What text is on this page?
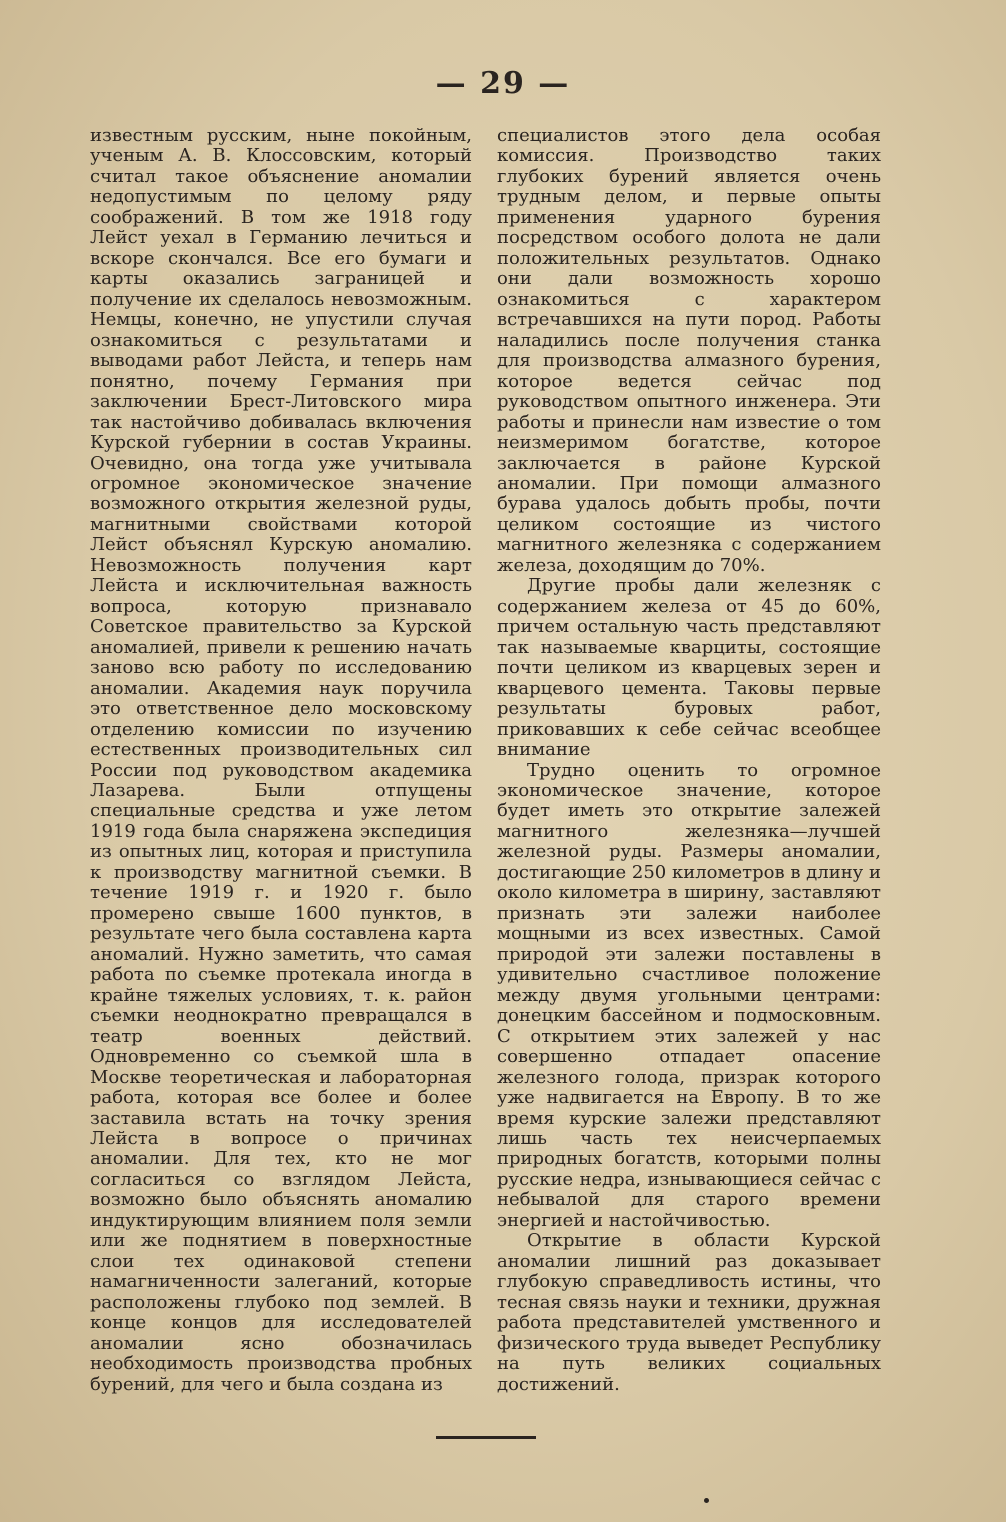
— 29 —

известным русским, ныне покойным, ученым А. В. Клоссовским, который считал такое объяснение аномалии недопустимым по целому ряду соображений. В том же 1918 году Лейст уехал в Германию лечиться и вскоре скончался. Все его бумаги и карты оказались заграницей и получение их сделалось невозможным. Немцы, конечно, не упустили случая ознакомиться с результатами и выводами работ Лейста, и теперь нам понятно, почему Германия при заключении Брест-Литовского мира так настойчиво добивалась включения Курской губернии в состав Украины. Очевидно, она тогда уже учитывала огромное экономическое значение возможного открытия железной руды, магнитными свойствами которой Лейст объяснял Курскую аномалию. Невозможность получения карт Лейста и исключительная важность вопроса, которую признавало Советское правительство за Курской аномалией, привели к решению начать заново всю работу по исследованию аномалии. Академия наук поручила это ответственное дело московскому отделению комиссии по изучению естественных производительных сил России под руководством академика Лазарева. Были отпущены специальные средства и уже летом 1919 года была снаряжена экспедиция из опытных лиц, которая и приступила к производству магнитной съемки. В течение 1919 г. и 1920 г. было промерено свыше 1600 пунктов, в результате чего была составлена карта аномалий. Нужно заметить, что самая работа по съемке протекала иногда в крайне тяжелых условиях, т. к. район съемки неоднократно превращался в театр военных действий. Одновременно со съемкой шла в Москве теоретическая и лабораторная работа, которая все более и более заставила встать на точку зрения Лейста в вопросе о причинах аномалии. Для тех, кто не мог согласиться со взглядом Лейста, возможно было объяснять аномалию индуктирующим влиянием поля земли или же поднятием в поверхностные слои тех одинаковой степени намагниченности залеганий, которые расположены глубоко под землей. В конце концов для исследователей аномалии ясно обозначилась необходимость производства пробных бурений, для чего и была создана из

специалистов этого дела особая комиссия. Производство таких глубоких бурений является очень трудным делом, и первые опыты применения ударного бурения посредством особого долота не дали положительных результатов. Однако они дали возможность хорошо ознакомиться с характером встречавшихся на пути пород. Работы наладились после получения станка для производства алмазного бурения, которое ведется сейчас под руководством опытного инженера. Эти работы и принесли нам известие о том неизмеримом богатстве, которое заключается в районе Курской аномалии. При помощи алмазного бурава удалось добыть пробы, почти целиком состоящие из чистого магнитного железняка с содержанием железа, доходящим до 70%.

Другие пробы дали железняк с содержанием железа от 45 до 60%, причем остальную часть представляют так называемые кварциты, состоящие почти целиком из кварцевых зерен и кварцевого цемента. Таковы первые результаты буровых работ, приковавших к себе сейчас всеобщее внимание

Трудно оценить то огромное экономическое значение, которое будет иметь это открытие залежей магнитного железняка—лучшей железной руды. Размеры аномалии, достигающие 250 километров в длину и около километра в ширину, заставляют признать эти залежи наиболее мощными из всех известных. Самой природой эти залежи поставлены в удивительно счастливое положение между двумя угольными центрами: донецким бассейном и подмосковным. С открытием этих залежей у нас совершенно отпадает опасение железного голода, призрак которого уже надвигается на Европу. В то же время курские залежи представляют лишь часть тех неисчерпаемых природных богатств, которыми полны русские недра, изнывающиеся сейчас с небывалой для старого времени энергией и настойчивостью.

Открытие в области Курской аномалии лишний раз доказывает глубокую справедливость истины, что тесная связь науки и техники, дружная работа представителей умственного и физического труда выведет Республику на путь великих социальных достижений.
